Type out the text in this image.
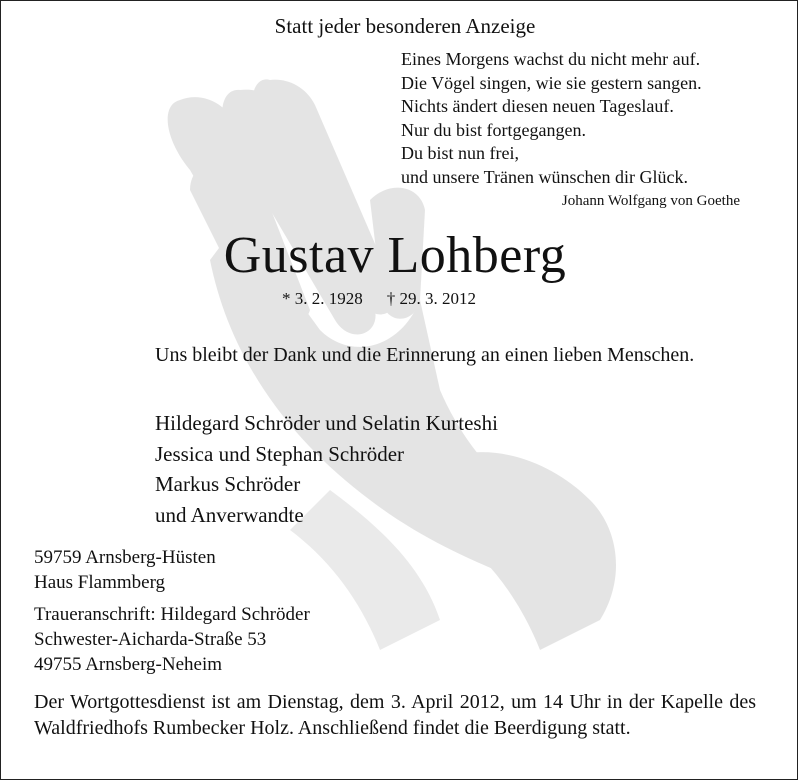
Statt jeder besonderen Anzeige
Eines Morgens wachst du nicht mehr auf.
Die Vögel singen, wie sie gestern sangen.
Nichts ändert diesen neuen Tageslauf.
Nur du bist fortgegangen.
Du bist nun frei,
und unsere Tränen wünschen dir Glück.
Johann Wolfgang von Goethe
Gustav Lohberg
* 3. 2. 1928 † 29. 3. 2012
Uns bleibt der Dank und die Erinnerung an einen lieben Menschen.
Hildegard Schröder und Selatin Kurteshi
Jessica und Stephan Schröder
Markus Schröder
und Anverwandte
59759 Arnsberg-Hüsten
Haus Flammberg
Traueranschrift: Hildegard Schröder
Schwester-Aicharda-Straße 53
49755 Arnsberg-Neheim
Der Wortgottesdienst ist am Dienstag, dem 3. April 2012, um 14 Uhr in der Kapelle des Waldfriedhofs Rumbecker Holz. Anschließend findet die Beerdigung statt.
